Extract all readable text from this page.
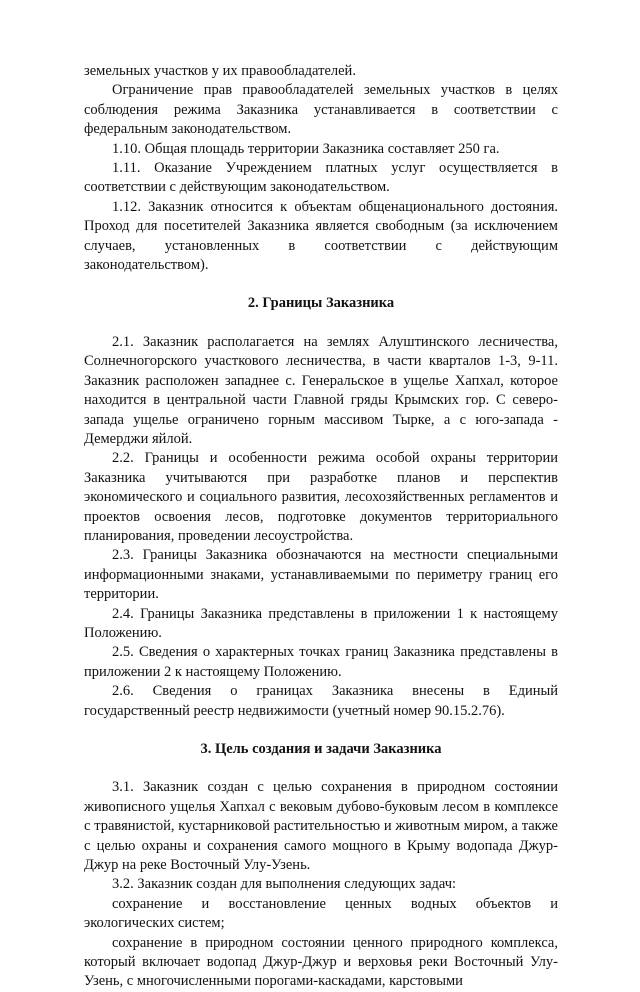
земельных участков у их правообладателей.

Ограничение прав правообладателей земельных участков в целях соблюдения режима Заказника устанавливается в соответствии с федеральным законодательством.

1.10. Общая площадь территории Заказника составляет 250 га.

1.11. Оказание Учреждением платных услуг осуществляется в соответствии с действующим законодательством.

1.12. Заказник относится к объектам общенационального достояния. Проход для посетителей Заказника является свободным (за исключением случаев, установленных в соответствии с действующим законодательством).

2. Границы Заказника

2.1. Заказник располагается на землях Алуштинского лесничества, Солнечногорского участкового лесничества, в части кварталов 1-3, 9-11. Заказник расположен западнее с. Генеральское в ущелье Хапхал, которое находится в центральной части Главной гряды Крымских гор. С северо-запада ущелье ограничено горным массивом Тырке, а с юго-запада - Демерджи яйлой.

2.2. Границы и особенности режима особой охраны территории Заказника учитываются при разработке планов и перспектив экономического и социального развития, лесохозяйственных регламентов и проектов освоения лесов, подготовке документов территориального планирования, проведении лесоустройства.

2.3. Границы Заказника обозначаются на местности специальными информационными знаками, устанавливаемыми по периметру границ его территории.

2.4. Границы Заказника представлены в приложении 1 к настоящему Положению.

2.5. Сведения о характерных точках границ Заказника представлены в приложении 2 к настоящему Положению.

2.6. Сведения о границах Заказника внесены в Единый государственный реестр недвижимости (учетный номер 90.15.2.76).

3. Цель создания и задачи Заказника

3.1. Заказник создан с целью сохранения в природном состоянии живописного ущелья Хапхал с вековым дубово-буковым лесом в комплексе с травянистой, кустарниковой растительностью и животным миром, а также с целью охраны и сохранения самого мощного в Крыму водопада Джур-Джур на реке Восточный Улу-Узень.

3.2. Заказник создан для выполнения следующих задач:

сохранение и восстановление ценных водных объектов и экологических систем;

сохранение в природном состоянии ценного природного комплекса, который включает водопад Джур-Джур и верховья реки Восточный Улу-Узень, с многочисленными порогами-каскадами, карстовыми
